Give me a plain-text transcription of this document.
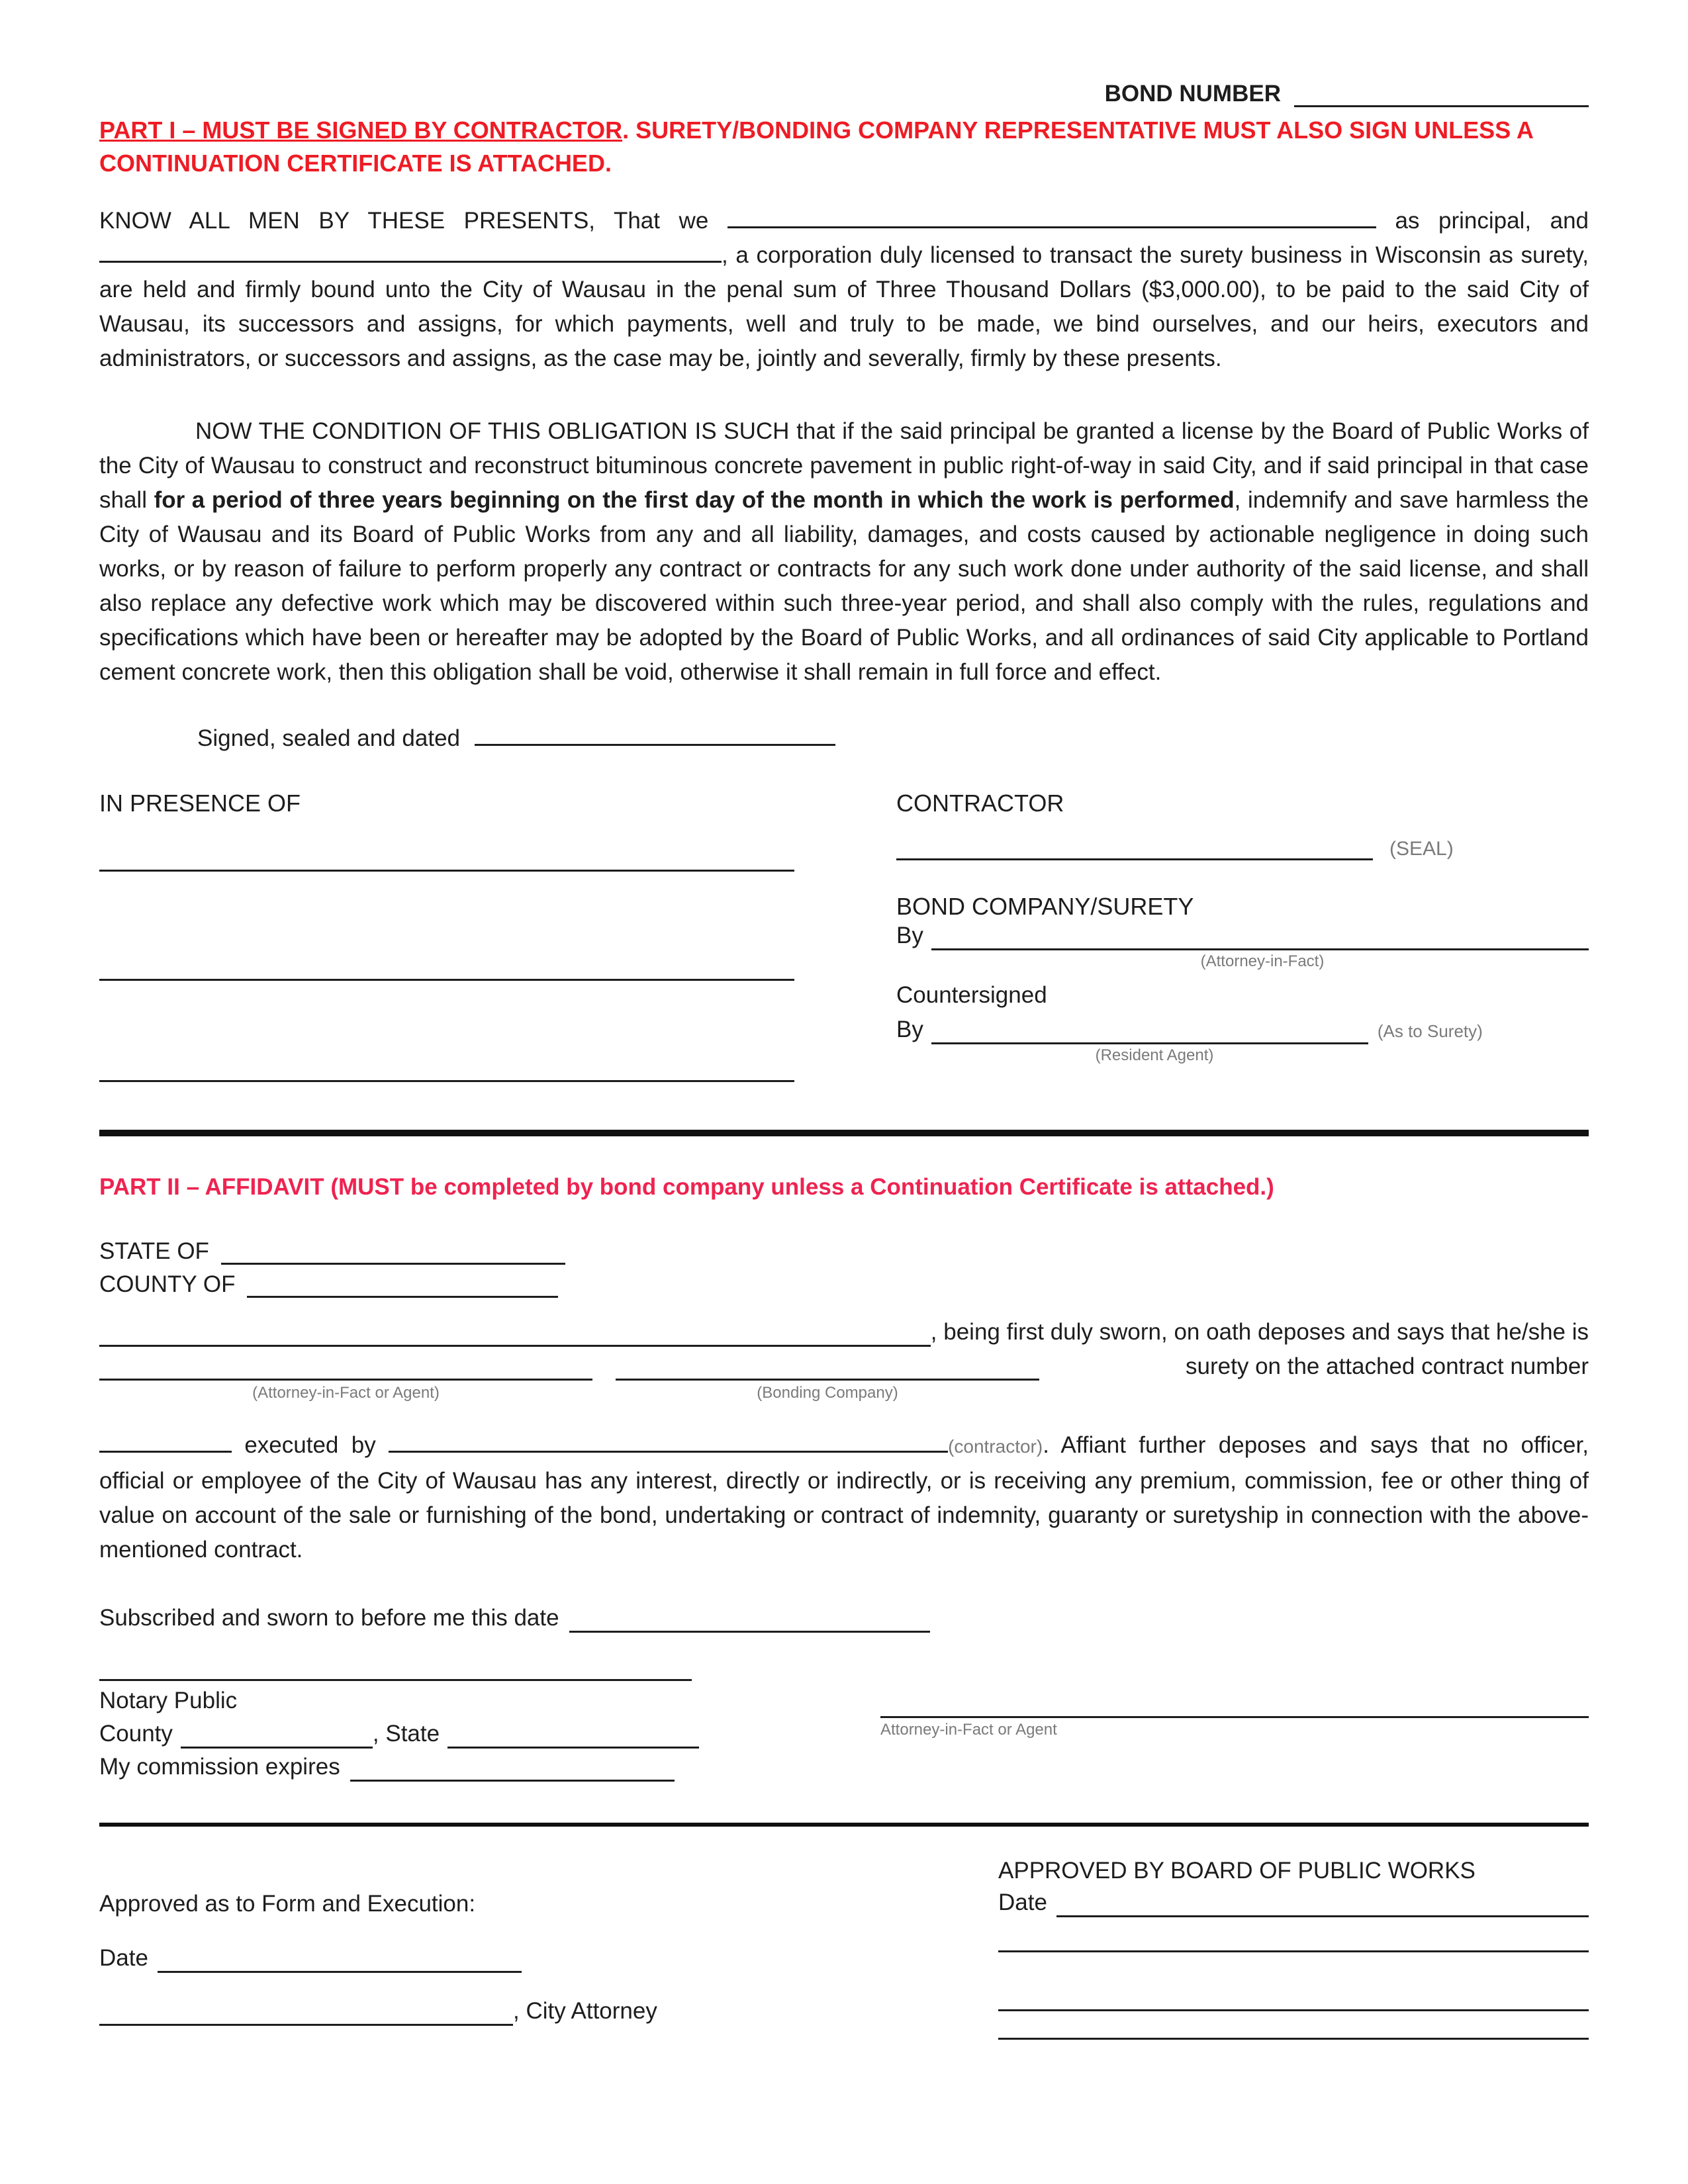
BOND NUMBER
PART I – MUST BE SIGNED BY CONTRACTOR. SURETY/BONDING COMPANY REPRESENTATIVE MUST ALSO SIGN UNLESS A CONTINUATION CERTIFICATE IS ATTACHED.

KNOW ALL MEN BY THESE PRESENTS, That we	as principal, and , a corporation duly licensed to transact the surety business in Wisconsin as surety, are held and firmly bound unto the City of Wausau in the penal sum of Three Thousand Dollars ($3,000.00), to be paid to the said City of Wausau, its successors and assigns, for which payments, well and truly to be made, we bind ourselves, and our heirs, executors and administrators, or successors and assigns, as the case may be, jointly and severally, firmly by these presents.

NOW THE CONDITION OF THIS OBLIGATION IS SUCH that if the said principal be granted a license by the Board of Public Works of the City of Wausau to construct and reconstruct bituminous concrete pavement in public right-of-way in said City, and if said principal in that case shall for a period of three years beginning on the first day of the month in which the work is performed, indemnify and save harmless the City of Wausau and its Board of Public Works from any and all liability, damages, and costs caused by actionable negligence in doing such works, or by reason of failure to perform properly any contract or contracts for any such work done under authority of the said license, and shall also replace any defective work which may be discovered within such three-year period, and shall also comply with the rules, regulations and specifications which have been or hereafter may be adopted by the Board of Public Works, and all ordinances of said City applicable to Portland cement concrete work, then this obligation shall be void, otherwise it shall remain in full force and effect.

Signed, sealed and dated
IN PRESENCE OF	CONTRACTOR
(SEAL)
BOND COMPANY/SURETY
By
(Attorney-in-Fact)
Countersigned
By	(As to Surety)
(Resident Agent)
PART II – AFFIDAVIT (MUST be completed by bond company unless a Continuation Certificate is attached.)
STATE OF
COUNTY OF
, being first duly sworn, on oath deposes and says that he/she is
(Attorney-in-Fact or Agent)	(Bonding Company)
surety on the attached contract number

executed by	(contractor). Affiant further deposes and says that no officer, official or employee of the City of Wausau has any interest, directly or indirectly, or is receiving any premium, commission, fee or other thing of value on account of the sale or furnishing of the bond, undertaking or contract of indemnity, guaranty or suretyship in connection with the above-mentioned contract.

Subscribed and sworn to before me this date
Notary Public
County	, State
My commission expires
Attorney-in-Fact or Agent
Approved as to Form and Execution:
Date
, City Attorney
APPROVED BY BOARD OF PUBLIC WORKS
Date
